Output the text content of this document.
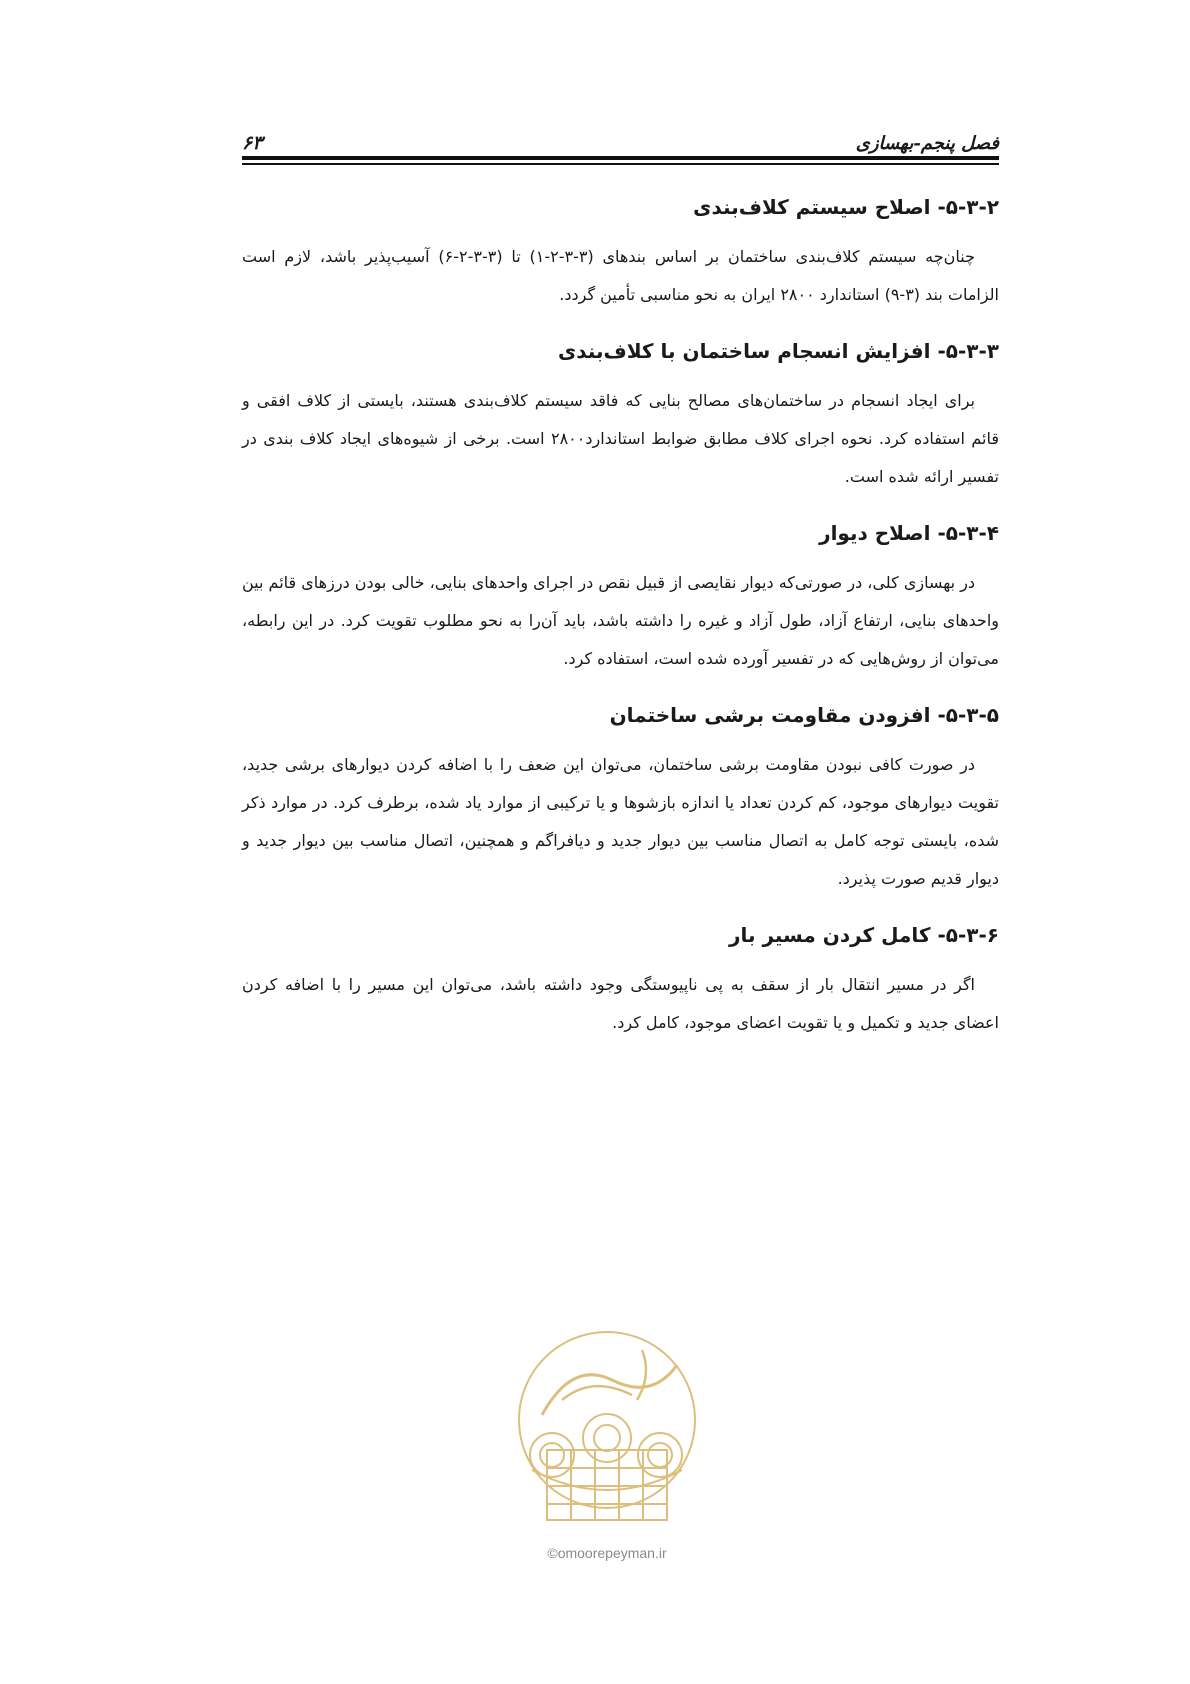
۶۳	فصل پنجم-بهسازی
۵-۳-۲- اصلاح سیستم کلاف‌بندی

چنان‌چه سیستم کلاف‌بندی ساختمان بر اساس بندهای (۳-۳-۲-۱) تا (۳-۳-۲-۶) آسیب‌پذیر باشد، لازم است الزامات بند (۳-۹) استاندارد ۲۸۰۰ ایران به نحو مناسبی تأمین گردد.

۵-۳-۳- افزایش انسجام ساختمان با کلاف‌بندی

برای ایجاد انسجام در ساختمان‌های مصالح بنایی که فاقد سیستم کلاف‌بندی هستند، بایستی از کلاف افقی و قائم استفاده کرد. نحوه اجرای کلاف مطابق ضوابط استاندارد۲۸۰۰ است. برخی از شیوه‌های ایجاد کلاف بندی در تفسیر ارائه شده است.

۵-۳-۴- اصلاح دیوار

در بهسازی کلی، در صورتی‌که دیوار نقایصی از قبیل نقص در اجرای واحدهای بنایی، خالی بودن درزهای قائم بین واحدهای بنایی، ارتفاع آزاد، طول آزاد و غیره را داشته باشد، باید آن‌را به نحو مطلوب تقویت کرد. در این رابطه، می‌توان از روش‌هایی که در تفسیر آورده شده است، استفاده کرد.

۵-۳-۵- افزودن مقاومت برشی ساختمان

در صورت کافی نبودن مقاومت برشی ساختمان، می‌توان این ضعف را با اضافه کردن دیوارهای برشی جدید، تقویت دیوارهای موجود، کم کردن تعداد یا اندازه بازشوها و یا ترکیبی از موارد یاد شده، برطرف کرد. در موارد ذکر شده، بایستی توجه کامل به اتصال مناسب بین دیوار جدید و دیافراگم و همچنین، اتصال مناسب بین دیوار جدید و دیوار قدیم صورت پذیرد.

۵-۳-۶- کامل کردن مسیر بار

اگر در مسیر انتقال بار از سقف به پی ناپیوستگی وجود داشته باشد، می‌توان این مسیر را با اضافه کردن اعضای جدید و تکمیل و یا تقویت اعضای موجود، کامل کرد.

©omoorepeyman.ir
